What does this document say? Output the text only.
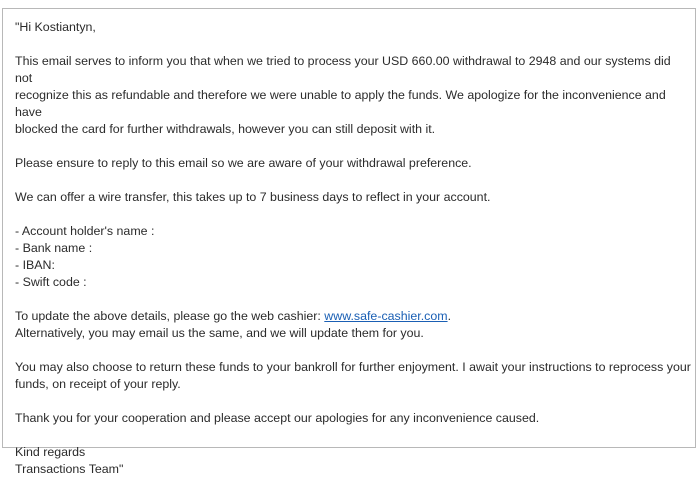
"Hi Kostiantyn,

This email serves to inform you that when we tried to process your USD 660.00 withdrawal to 2948 and our systems did not

recognize this as refundable and therefore we were unable to apply the funds. We apologize for the inconvenience and have

blocked the card for further withdrawals, however you can still deposit with it.

Please ensure to reply to this email so we are aware of your withdrawal preference.

We can offer a wire transfer, this takes up to 7 business days to reflect in your account.

- Account holder's name :

- Bank name :

- IBAN:

- Swift code :

To update the above details, please go the web cashier: www.safe-cashier.com.

Alternatively, you may email us the same, and we will update them for you.

You may also choose to return these funds to your bankroll for further enjoyment. I await your instructions to reprocess your

funds, on receipt of your reply.

Thank you for your cooperation and please accept our apologies for any inconvenience caused.

Kind regards

Transactions Team"
